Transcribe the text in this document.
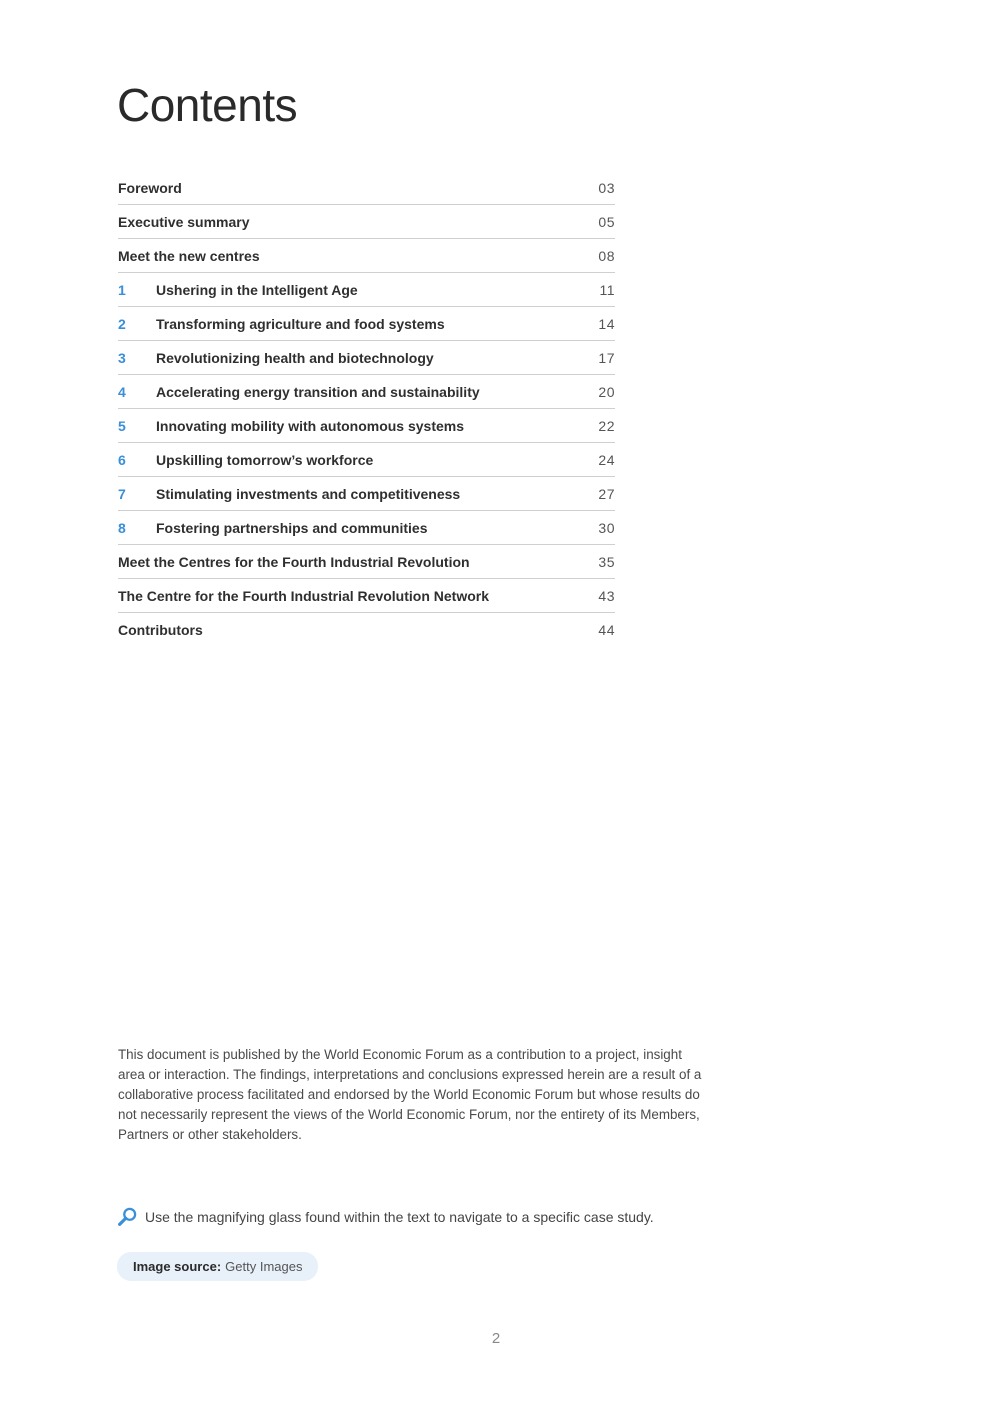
Contents
Foreword	03
Executive summary	05
Meet the new centres	08
1	Ushering in the Intelligent Age	11
2	Transforming agriculture and food systems	14
3	Revolutionizing health and biotechnology	17
4	Accelerating energy transition and sustainability	20
5	Innovating mobility with autonomous systems	22
6	Upskilling tomorrow’s workforce	24
7	Stimulating investments and competitiveness	27
8	Fostering partnerships and communities	30
Meet the Centres for the Fourth Industrial Revolution	35
The Centre for the Fourth Industrial Revolution Network	43
Contributors	44

This document is published by the World Economic Forum as a contribution to a project, insight area or interaction. The findings, interpretations and conclusions expressed herein are a result of a collaborative process facilitated and endorsed by the World Economic Forum but whose results do not necessarily represent the views of the World Economic Forum, nor the entirety of its Members, Partners or other stakeholders.

Use the magnifying glass found within the text to navigate to a specific case study.
Image source: Getty Images
2
